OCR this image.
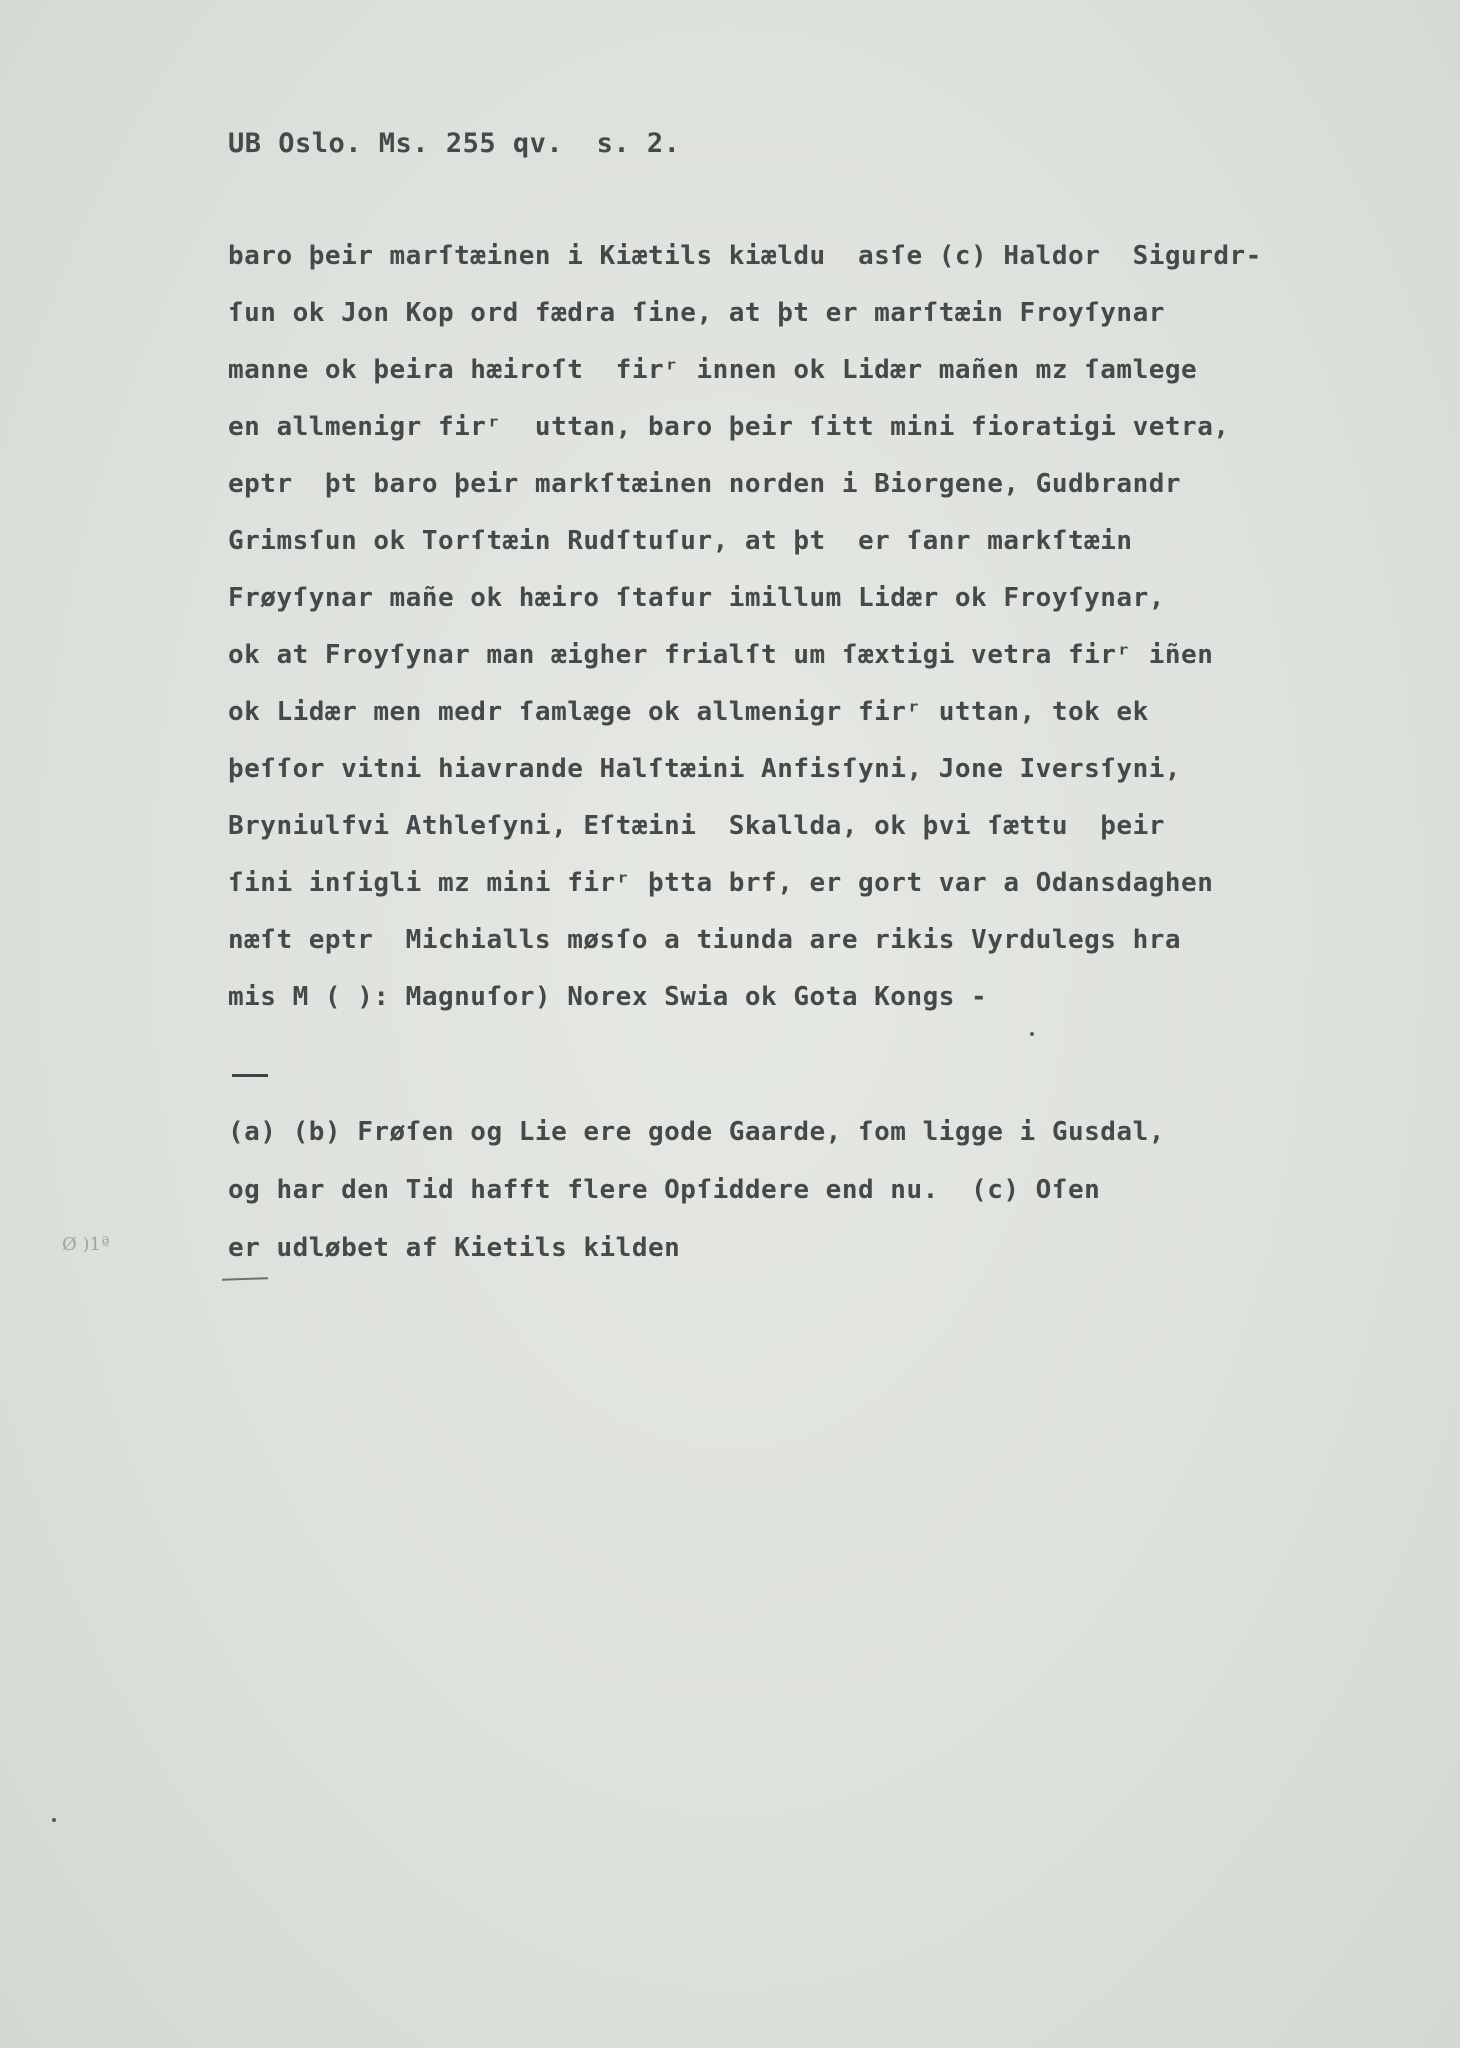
UB Oslo. Ms. 255 qv.  s. 2.
baro þeir marſtæinen i Kiætils kiældu  asſe (c) Haldor  Sigurdr-
ſun ok Jon Kop ord fædra ſine, at þt er marſtæin Froyſynar
manne ok þeira hæiroſt  firʳ innen ok Lidær mañen mz ſamlege
en allmenigr firʳ  uttan, baro þeir ſitt mini fioratigi vetra,
eptr  þt baro þeir markſtæinen norden i Biorgene, Gudbrandr
Grimsſun ok Torſtæin Rudſtuſur, at þt  er ſanr markſtæin
Frøyſynar mañe ok hæiro ſtafur imillum Lidær ok Froyſynar,
ok at Froyſynar man æigher frialſt um ſæxtigi vetra firʳ iñen
ok Lidær men medr ſamlæge ok allmenigr firʳ uttan, tok ek
þeſſor vitni hiavrande Halſtæini Anfisſyni, Jone Iversſyni,
Bryniulfvi Athleſyni, Eſtæini  Skallda, ok þvi ſættu  þeir
ſini inſigli mz mini firʳ þtta brf, er gort var a Odansdaghen
næſt eptr  Michialls møsſo a tiunda are rikis Vyrdulegs hra
mis M ( ): Magnuſor) Norex Swia ok Gota Kongs -
(a) (b) Frøſen og Lie ere gode Gaarde, ſom ligge i Gusdal,
og har den Tid hafft flere Opſiddere end nu.  (c) Oſen
er udløbet af Kietils kilden
Ø )1ª
